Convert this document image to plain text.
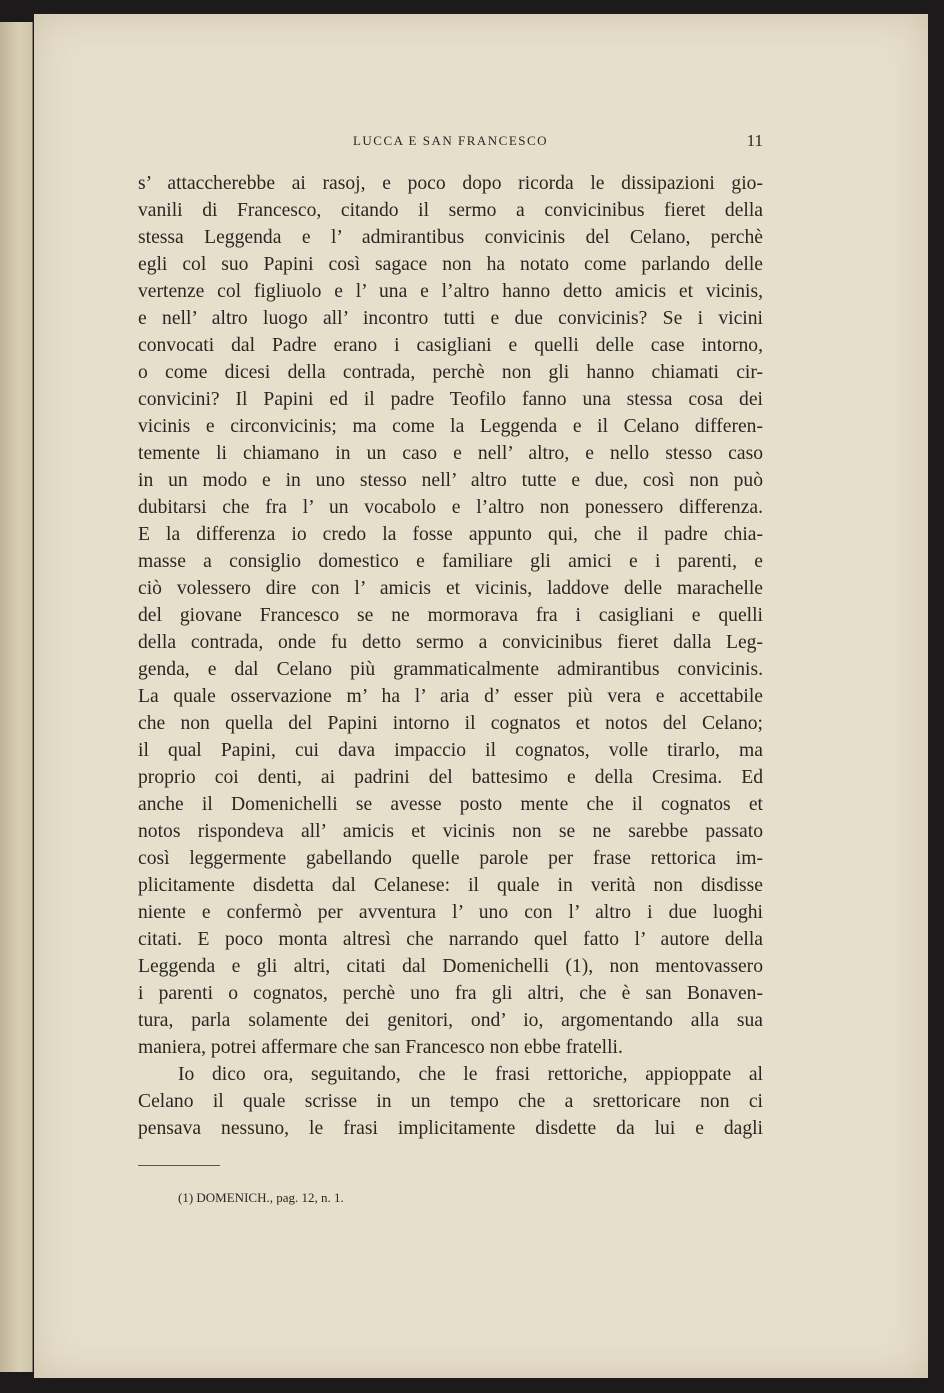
LUCCA E SAN FRANCESCO	11
s’ attaccherebbe ai rasoj, e poco dopo ricorda le dissipazioni gio-
vanili di Francesco, citando il sermo a convicinibus fieret della
stessa Leggenda e l’ admirantibus convicinis del Celano, perchè
egli col suo Papini così sagace non ha notato come parlando delle
vertenze col figliuolo e l’ una e l’altro hanno detto amicis et vicinis,
e nell’ altro luogo all’ incontro tutti e due convicinis? Se i vicini
convocati dal Padre erano i casigliani e quelli delle case intorno,
o come dicesi della contrada, perchè non gli hanno chiamati cir-
convicini? Il Papini ed il padre Teofilo fanno una stessa cosa dei
vicinis e circonvicinis; ma come la Leggenda e il Celano differen-
temente li chiamano in un caso e nell’ altro, e nello stesso caso
in un modo e in uno stesso nell’ altro tutte e due, così non può
dubitarsi che fra l’ un vocabolo e l’altro non ponessero differenza.
E la differenza io credo la fosse appunto qui, che il padre chia-
masse a consiglio domestico e familiare gli amici e i parenti, e
ciò volessero dire con l’ amicis et vicinis, laddove delle marachelle
del giovane Francesco se ne mormorava fra i casigliani e quelli
della contrada, onde fu detto sermo a convicinibus fieret dalla Leg-
genda, e dal Celano più grammaticalmente admirantibus convicinis.
La quale osservazione m’ ha l’ aria d’ esser più vera e accettabile
che non quella del Papini intorno il cognatos et notos del Celano;
il qual Papini, cui dava impaccio il cognatos, volle tirarlo, ma
proprio coi denti, ai padrini del battesimo e della Cresima. Ed
anche il Domenichelli se avesse posto mente che il cognatos et
notos rispondeva all’ amicis et vicinis non se ne sarebbe passato
così leggermente gabellando quelle parole per frase rettorica im-
plicitamente disdetta dal Celanese: il quale in verità non disdisse
niente e confermò per avventura l’ uno con l’ altro i due luoghi
citati. E poco monta altresì che narrando quel fatto l’ autore della
Leggenda e gli altri, citati dal Domenichelli (1), non mentovassero
i parenti o cognatos, perchè uno fra gli altri, che è san Bonaven-
tura, parla solamente dei genitori, ond’ io, argomentando alla sua
maniera, potrei affermare che san Francesco non ebbe fratelli.
Io dico ora, seguitando, che le frasi rettoriche, appioppate al
Celano il quale scrisse in un tempo che a srettoricare non ci
pensava nessuno, le frasi implicitamente disdette da lui e dagli
(1) DOMENICH., pag. 12, n. 1.
